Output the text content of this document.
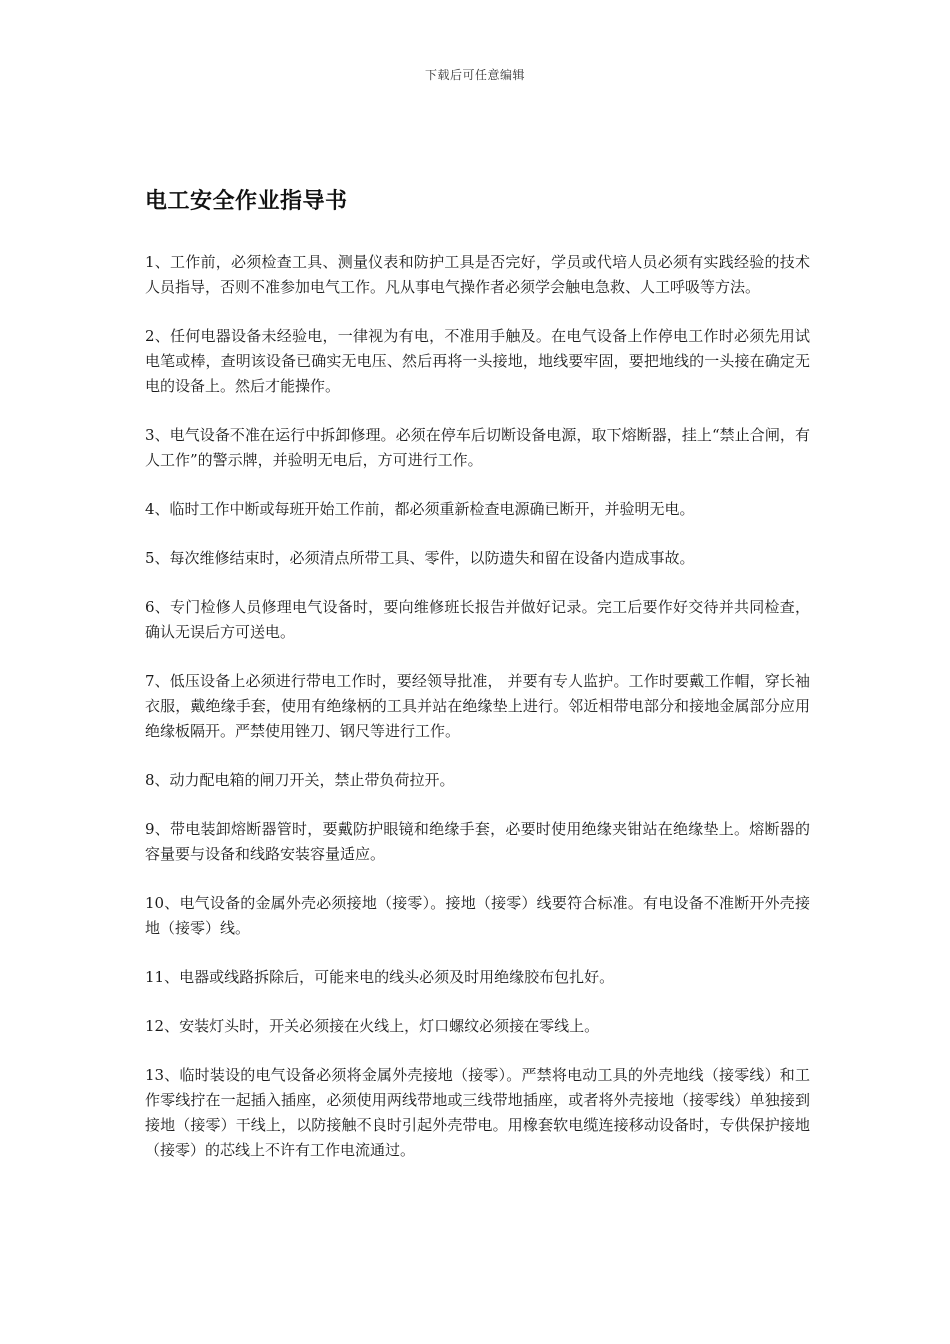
下载后可任意编辑
电工安全作业指导书

1、工作前，必须检查工具、测量仪表和防护工具是否完好，学员或代培人员必须有实践经验的技术人员指导，否则不准参加电气工作。凡从事电气操作者必须学会触电急救、人工呼吸等方法。

2、任何电器设备未经验电，一律视为有电，不准用手触及。在电气设备上作停电工作时必须先用试电笔或棒，查明该设备已确实无电压、然后再将一头接地，地线要牢固，要把地线的一头接在确定无电的设备上。然后才能操作。

3、电气设备不准在运行中拆卸修理。必须在停车后切断设备电源，取下熔断器，挂上“禁止合闸，有人工作”的警示牌，并验明无电后，方可进行工作。

4、临时工作中断或每班开始工作前，都必须重新检查电源确已断开，并验明无电。

5、每次维修结束时，必须清点所带工具、零件，以防遗失和留在设备内造成事故。

6、专门检修人员修理电气设备时，要向维修班长报告并做好记录。完工后要作好交待并共同检查，确认无误后方可送电。

7、低压设备上必须进行带电工作时，要经领导批准， 并要有专人监护。工作时要戴工作帽，穿长袖衣服，戴绝缘手套，使用有绝缘柄的工具并站在绝缘垫上进行。邻近相带电部分和接地金属部分应用绝缘板隔开。严禁使用锉刀、钢尺等进行工作。

8、动力配电箱的闸刀开关，禁止带负荷拉开。

9、带电装卸熔断器管时，要戴防护眼镜和绝缘手套，必要时使用绝缘夹钳站在绝缘垫上。熔断器的容量要与设备和线路安装容量适应。

10、电气设备的金属外壳必须接地（接零）。接地（接零）线要符合标准。有电设备不准断开外壳接地（接零）线。

11、电器或线路拆除后，可能来电的线头必须及时用绝缘胶布包扎好。

12、安装灯头时，开关必须接在火线上，灯口螺纹必须接在零线上。

13、临时装设的电气设备必须将金属外壳接地（接零）。严禁将电动工具的外壳地线（接零线）和工作零线拧在一起插入插座，必须使用两线带地或三线带地插座，或者将外壳接地（接零线）单独接到接地（接零）干线上，以防接触不良时引起外壳带电。用橡套软电缆连接移动设备时，专供保护接地（接零）的芯线上不许有工作电流通过。
